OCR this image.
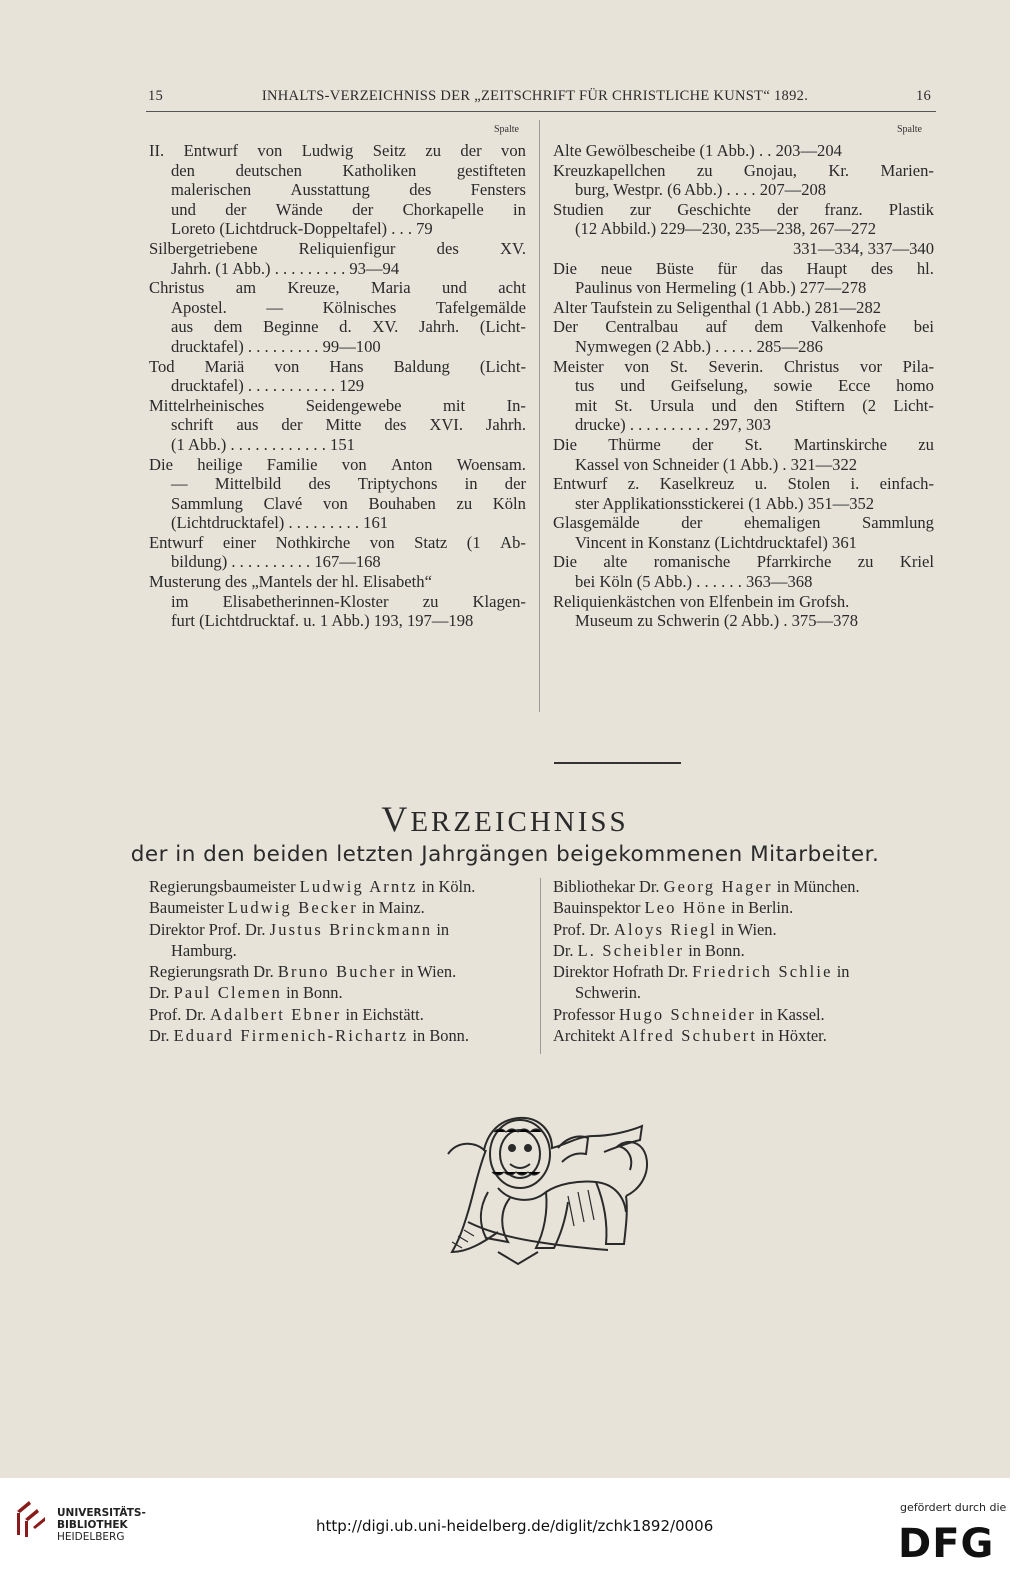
15	INHALTS-VERZEICHNISS DER „ZEITSCHRIFT FÜR CHRISTLICHE KUNST“ 1892.	16
Spalte	Spalte
II. Entwurf von Ludwig Seitz zu der von
den deutschen Katholiken gestifteten
malerischen Ausstattung des Fensters
und der Wände der Chorkapelle in
Loreto (Lichtdruck-Doppeltafel) . . . 79
Silbergetriebene Reliquienfigur des XV.
Jahrh. (1 Abb.) . . . . . . . . . 93—94
Christus am Kreuze, Maria und acht
Apostel. — Kölnisches Tafelgemälde
aus dem Beginne d. XV. Jahrh. (Licht-
drucktafel) . . . . . . . . . 99—100
Tod Mariä von Hans Baldung (Licht-
drucktafel) . . . . . . . . . . . 129
Mittelrheinisches Seidengewebe mit In-
schrift aus der Mitte des XVI. Jahrh.
(1 Abb.) . . . . . . . . . . . . 151
Die heilige Familie von Anton Woensam.
— Mittelbild des Triptychons in der
Sammlung Clavé von Bouhaben zu Köln
(Lichtdrucktafel) . . . . . . . . . 161
Entwurf einer Nothkirche von Statz (1 Ab-
bildung) . . . . . . . . . . 167—168
Musterung des „Mantels der hl. Elisabeth“
im Elisabetherinnen-Kloster zu Klagen-
furt (Lichtdrucktaf. u. 1 Abb.) 193, 197—198
Alte Gewölbescheibe (1 Abb.) . . 203—204
Kreuzkapellchen zu Gnojau, Kr. Marien-
burg, Westpr. (6 Abb.) . . . . 207—208
Studien zur Geschichte der franz. Plastik
(12 Abbild.) 229—230, 235—238, 267—272
331—334, 337—340
Die neue Büste für das Haupt des hl.
Paulinus von Hermeling (1 Abb.) 277—278
Alter Taufstein zu Seligenthal (1 Abb.) 281—282
Der Centralbau auf dem Valkenhofe bei
Nymwegen (2 Abb.) . . . . . 285—286
Meister von St. Severin. Christus vor Pila-
tus und Geifselung, sowie Ecce homo
mit St. Ursula und den Stiftern (2 Licht-
drucke) . . . . . . . . . . 297, 303
Die Thürme der St. Martinskirche zu
Kassel von Schneider (1 Abb.) . 321—322
Entwurf z. Kaselkreuz u. Stolen i. einfach-
ster Applikationsstickerei (1 Abb.) 351—352
Glasgemälde	der	ehemaligen	Sammlung
Vincent in Konstanz (Lichtdrucktafel) 361
Die alte romanische Pfarrkirche zu Kriel
bei Köln (5 Abb.) . . . . . . 363—368
Reliquienkästchen von Elfenbein im Grofsh.
Museum zu Schwerin (2 Abb.) . 375—378
VERZEICHNISS
der in den beiden letzten Jahrgängen beigekommenen Mitarbeiter.
Regierungsbaumeister Ludwig Arntz in Köln.
Baumeister Ludwig Becker in Mainz.
Direktor Prof. Dr. Justus Brinckmann in
Hamburg.
Regierungsrath Dr. Bruno Bucher in Wien.
Dr. Paul Clemen in Bonn.
Prof. Dr. Adalbert Ebner in Eichstätt.
Dr. Eduard Firmenich-Richartz in Bonn.
Bibliothekar Dr. Georg Hager in München.
Bauinspektor Leo Höne in Berlin.
Prof. Dr. Aloys Riegl in Wien.
Dr. L. Scheibler in Bonn.
Direktor Hofrath Dr. Friedrich Schlie in
Schwerin.
Professor Hugo Schneider in Kassel.
Architekt Alfred Schubert in Höxter.
UNIVERSITÄTS-
BIBLIOTHEK
HEIDELBERG
http://digi.ub.uni-heidelberg.de/diglit/zchk1892/0006
gefördert durch die
DFG
